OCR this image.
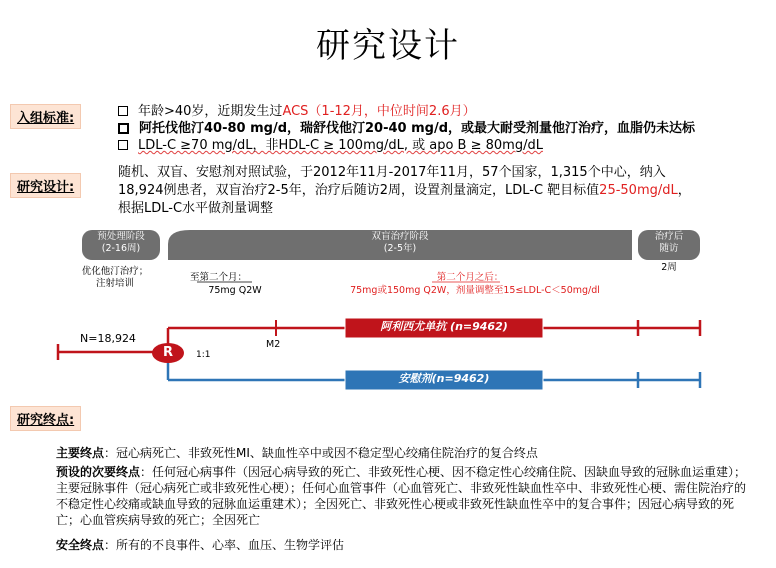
研究设计
入组标准:	年龄>40岁，近期发生过ACS（1-12月，中位时间2.6月）
阿托伐他汀40-80 mg/d，瑞舒伐他汀20-40 mg/d，或最大耐受剂量他汀治疗，血脂仍未达标
LDL-C ≥70 mg/dL，非HDL-C ≥ 100mg/dL, 或 apo B ≥ 80mg/dL
研究设计:
随机、双盲、安慰剂对照试验，于2012年11月-2017年11月，57个国家，1,315个中心，纳入18,924例患者，双盲治疗2-5年，治疗后随访2周，设置剂量滴定，LDL-C 靶目标值25-50mg/dL，根据LDL-C水平做剂量调整
预处理阶段
(2-16周)
双盲治疗阶段
(2-5年)
治疗后
随访
优化他汀治疗；
注射培训
2周
至第二个月：
75mg Q2W
第二个月之后：
75mg或150mg Q2W，剂量调整至15≤LDL-C＜50mg/dl
N=18,924
R	1:1
M2
阿利西尤单抗 (n=9462)
安慰剂(n=9462)
研究终点:
主要终点：冠心病死亡、非致死性MI、缺血性卒中或因不稳定型心绞痛住院治疗的复合终点
预设的次要终点：任何冠心病事件（因冠心病导致的死亡、非致死性心梗、因不稳定性心绞痛住院、因缺血导致的冠脉血运重建）；主要冠脉事件（冠心病死亡或非致死性心梗）；任何心血管事件（心血管死亡、非致死性缺血性卒中、非致死性心梗、需住院治疗的不稳定性心绞痛或缺血导致的冠脉血运重建术）；全因死亡、非致死性心梗或非致死性缺血性卒中的复合事件；因冠心病导致的死亡；心血管疾病导致的死亡；全因死亡
安全终点：所有的不良事件、心率、血压、生物学评估
